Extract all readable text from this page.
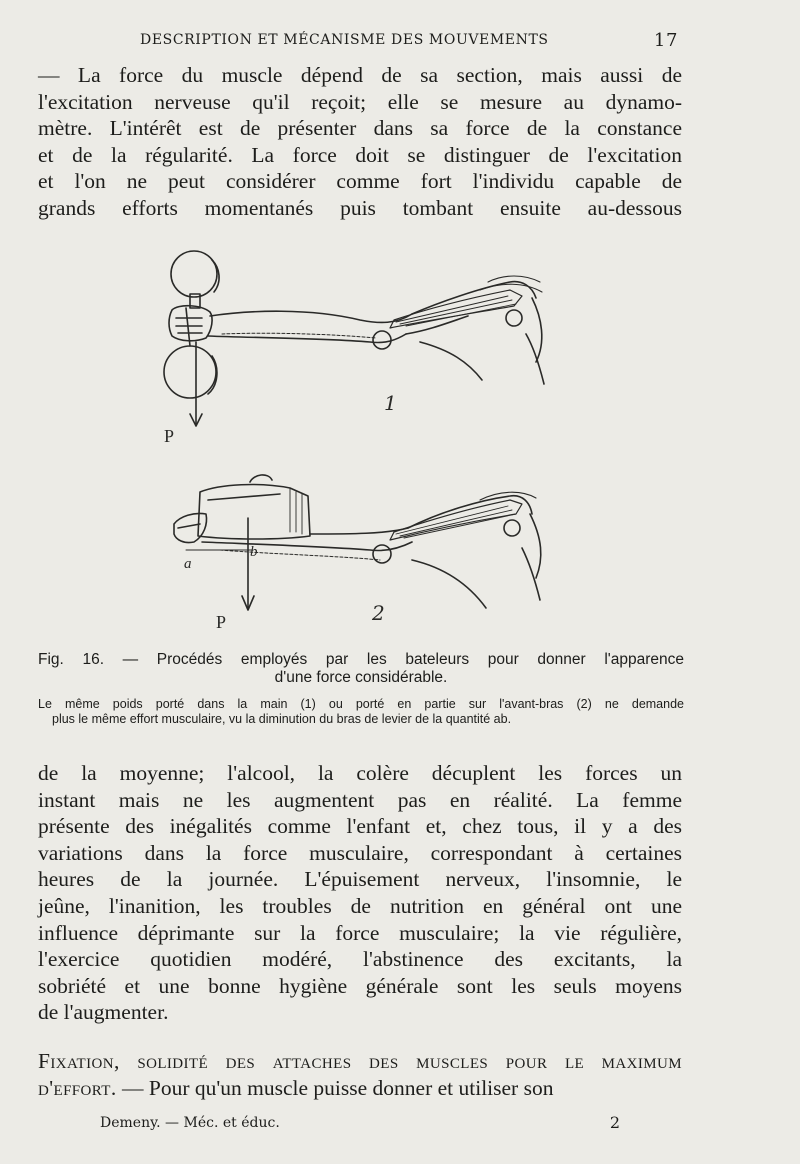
DESCRIPTION ET MÉCANISME DES MOUVEMENTS	17
— La force du muscle dépend de sa section, mais aussi de
l'excitation nerveuse qu'il reçoit; elle se mesure au dynamo-
mètre. L'intérêt est de présenter dans sa force de la constance
et de la régularité. La force doit se distinguer de l'excitation
et l'on ne peut considérer comme fort l'individu capable de
grands efforts momentanés puis tombant ensuite au-dessous
P
1
a
b
P	2
Fig. 16. — Procédés employés par les bateleurs pour donner l'apparence
d'une force considérable.
Le même poids porté dans la main (1) ou porté en partie sur l'avant-bras (2) ne demande
plus le même effort musculaire, vu la diminution du bras de levier de la quantité ab.
de la moyenne; l'alcool, la colère décuplent les forces un
instant mais ne les augmentent pas en réalité. La femme
présente des inégalités comme l'enfant et, chez tous, il y a des
variations dans la force musculaire, correspondant à certaines
heures de la journée. L'épuisement nerveux, l'insomnie, le
jeûne, l'inanition, les troubles de nutrition en général ont une
influence déprimante sur la force musculaire; la vie régulière,
l'exercice quotidien modéré, l'abstinence des excitants, la
sobriété et une bonne hygiène générale sont les seuls moyens
de l'augmenter.
Fixation, solidité des attaches des muscles pour le maximum
d'effort. — Pour qu'un muscle puisse donner et utiliser son
Demeny. — Méc. et éduc.	2
